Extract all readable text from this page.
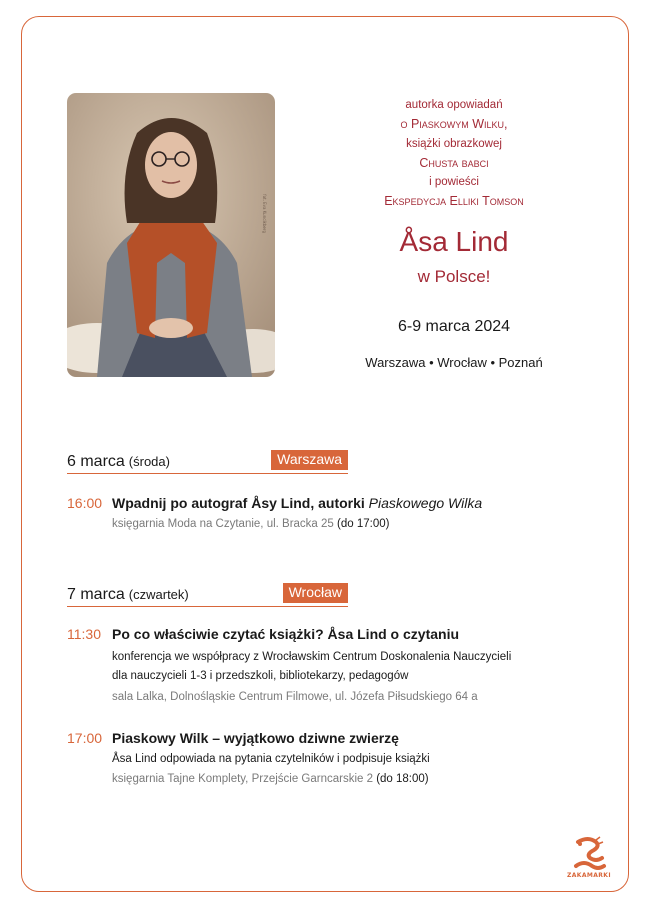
fot. Eva Kuncikberg
autorka opowiadań
o Piaskowym Wilku,
książki obrazkowej
Chusta babci
i powieści
Ekspedycja Elliki Tomson
Åsa Lind
w Polsce!
6-9 marca 2024
Warszawa • Wrocław • Poznań
6 marca (środa)	Warszawa
16:00 Wpadnij po autograf Åsy Lind, autorki Piaskowego Wilka
księgarnia Moda na Czytanie, ul. Bracka 25 (do 17:00)
7 marca (czwartek)	Wrocław
11:30 Po co właściwie czytać książki? Åsa Lind o czytaniu
konferencja we współpracy z Wrocławskim Centrum Doskonalenia Nauczycieli
dla nauczycieli 1-3 i przedszkoli, bibliotekarzy, pedagogów
sala Lalka, Dolnośląskie Centrum Filmowe, ul. Józefa Piłsudskiego 64 a
17:00 Piaskowy Wilk – wyjątkowo dziwne zwierzę
Åsa Lind odpowiada na pytania czytelników i podpisuje książki
księgarnia Tajne Komplety, Przejście Garncarskie 2 (do 18:00)
ZAKAMARKI
